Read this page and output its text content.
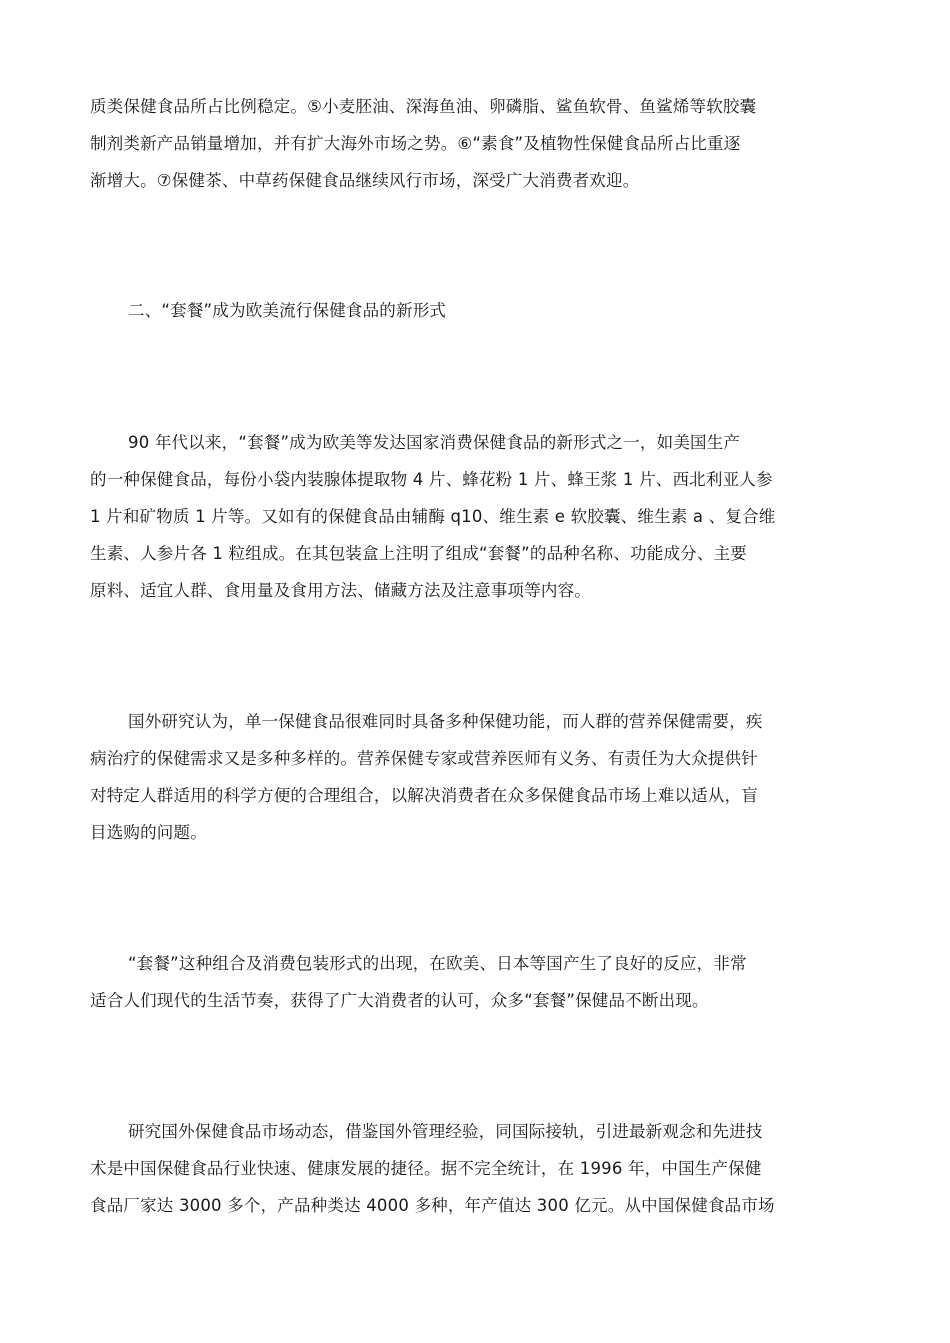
质类保健食品所占比例稳定。⑤小麦胚油、深海鱼油、卵磷脂、鲨鱼软骨、鱼鲨烯等软胶囊
制剂类新产品销量增加，并有扩大海外市场之势。⑥“素食”及植物性保健食品所占比重逐
渐增大。⑦保健茶、中草药保健食品继续风行市场，深受广大消费者欢迎。
二、“套餐”成为欧美流行保健食品的新形式
90 年代以来，“套餐”成为欧美等发达国家消费保健食品的新形式之一，如美国生产
的一种保健食品，每份小袋内装腺体提取物 4 片、蜂花粉 1 片、蜂王浆 1 片、西北利亚人参
1 片和矿物质 1 片等。又如有的保健食品由辅酶 q10、维生素 e 软胶囊、维生素 a 、复合维
生素、人参片各 1 粒组成。在其包装盒上注明了组成“套餐”的品种名称、功能成分、主要
原料、适宜人群、食用量及食用方法、储藏方法及注意事项等内容。
国外研究认为，单一保健食品很难同时具备多种保健功能，而人群的营养保健需要，疾
病治疗的保健需求又是多种多样的。营养保健专家或营养医师有义务、有责任为大众提供针
对特定人群适用的科学方便的合理组合，以解决消费者在众多保健食品市场上难以适从，盲
目选购的问题。
“套餐”这种组合及消费包装形式的出现，在欧美、日本等国产生了良好的反应，非常
适合人们现代的生活节奏，获得了广大消费者的认可，众多“套餐”保健品不断出现。
研究国外保健食品市场动态，借鉴国外管理经验，同国际接轨，引进最新观念和先进技
术是中国保健食品行业快速、健康发展的捷径。据不完全统计，在 1996 年，中国生产保健
食品厂家达 3000 多个，产品种类达 4000 多种，年产值达 300 亿元。从中国保健食品市场
